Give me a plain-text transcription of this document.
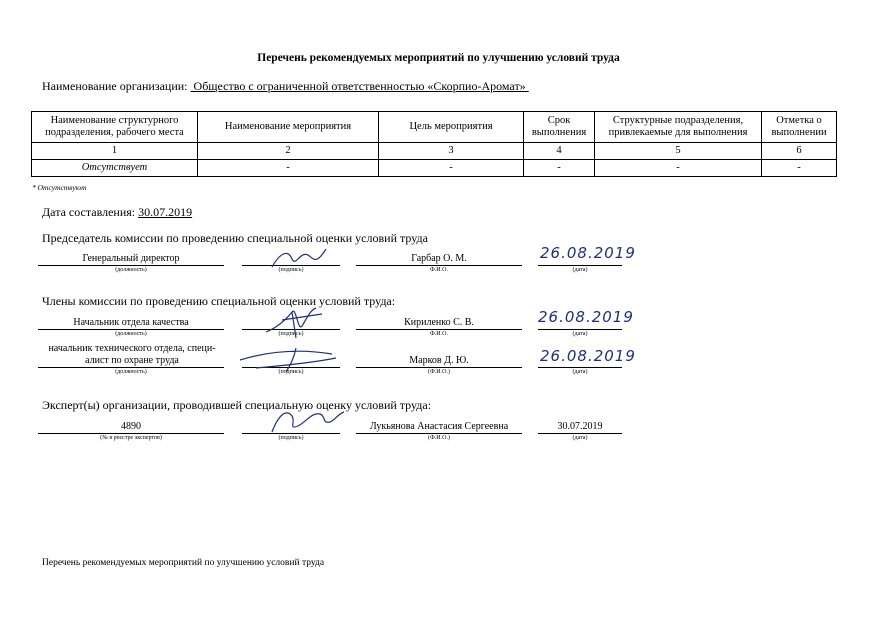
Перечень рекомендуемых мероприятий по улучшению условий труда
Наименование организации:  Общество с ограниченной ответственностью «Скорпио-Аромат»
Наименование структурного подразделения, рабочего места	Наименование мероприятия	Цель мероприятия	Срок выполнения	Структурные подразделения, привлекаемые для выполнения	Отметка о выполнении
1	2	3	4	5	6
Отсутствует	-	-	-	-	-
* Отсутствуют
Дата составления: 30.07.2019
Председатель комиссии по проведению специальной оценки условий труда
Генеральный директор
(должность)	(подпись)
Гарбар О. М.
Ф.И.О.
26.08.2019
(дата)
Члены комиссии по проведению специальной оценки условий труда:
Начальник отдела качества
(должность)	(подпись)
Кириленко С. В.
Ф.И.О.
26.08.2019
(дата)
начальник технического отдела, специ-
алист по охране труда
(должность)	(подпись)
Марков Д. Ю.
(Ф.И.О.)
26.08.2019
(дата)
Эксперт(ы) организации, проводившей специальную оценку условий труда:
4890
(№ в реестре экспертов)	(подпись)
Лукьянова Анастасия Сергеевна
(Ф.И.О.)
30.07.2019
(дата)
Перечень рекомендуемых мероприятий по улучшению условий труда
